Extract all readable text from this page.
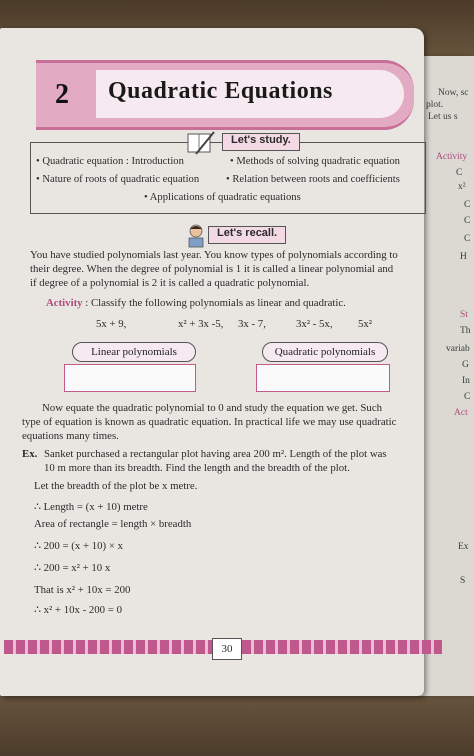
Now, sc
plot.
Let us s
Activity
C
x²
C
C
C
H
St
Th
variab
G
In
C
Act
Ex
S
2	Quadratic Equations
Let's study.
• Quadratic equation : Introduction	• Methods of solving quadratic equation
• Nature of roots of quadratic equation	• Relation between roots and coefficients
• Applications of quadratic equations
Let's recall.
You have studied polynomials last year. You know types of polynomials according to
their degree. When the degree of polynomial is 1 it is called a linear polynomial and
if degree of a polynomial is 2 it is called a quadratic polynomial.
Activity : Classify the following polynomials as linear and quadratic.
5x + 9,	x² + 3x -5, 3x - 7,	3x² - 5x, 5x²
Linear polynomials	Quadratic polynomials
Now equate the quadratic polynomial to 0 and study the equation we get. Such
type of equation is known as quadratic equation. In practical life we may use quadratic
equations many times.
Ex. Sanket purchased a rectangular plot having area 200 m². Length of the plot was
10 m more than its breadth. Find the length and the breadth of the plot.
Let the breadth of the plot be x metre.
∴ Length = (x + 10) metre
Area of rectangle = length × breadth
∴ 200 = (x + 10) × x
∴ 200 = x² + 10 x
That is x² + 10x = 200
∴ x² + 10x - 200 = 0
30
